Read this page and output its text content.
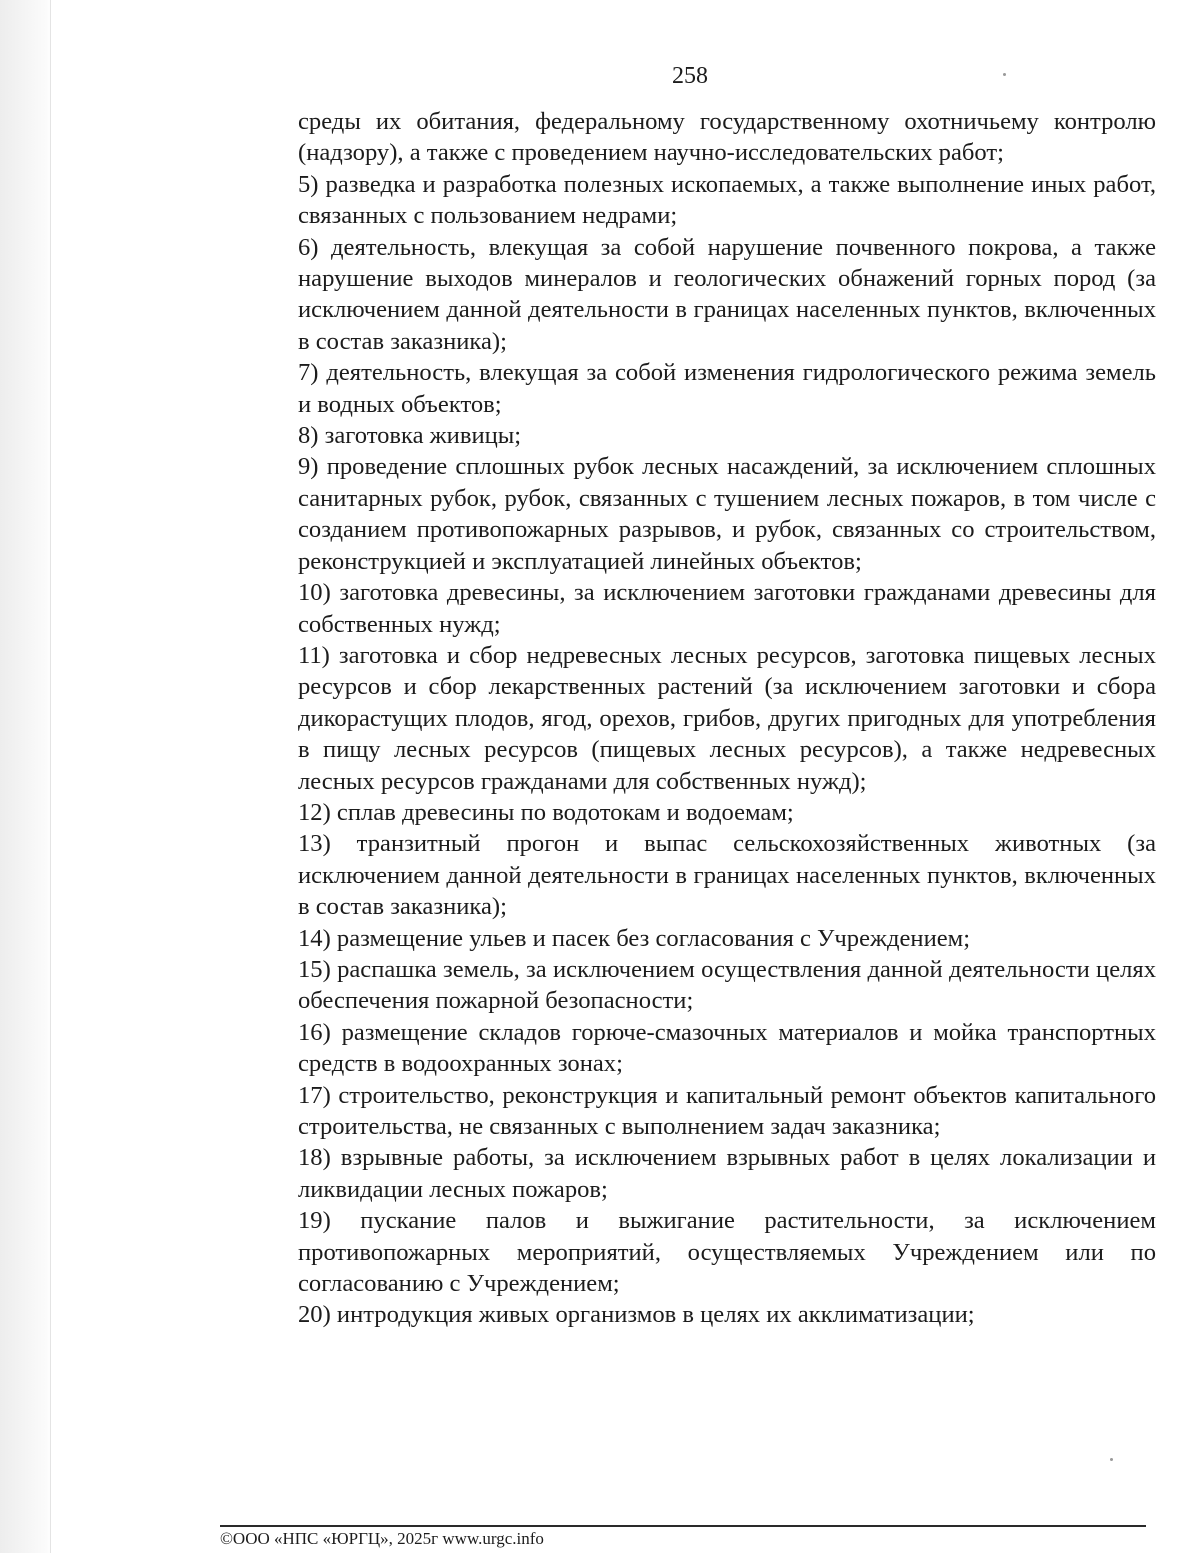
258

среды их обитания, федеральному государственному охотничьему контролю (надзору), а также с проведением научно-исследовательских работ;

5) разведка и разработка полезных ископаемых, а также выполнение иных работ, связанных с пользованием недрами;

6) деятельность, влекущая за собой нарушение почвенного покрова, а также нарушение выходов минералов и геологических обнажений горных пород (за исключением данной деятельности в границах населенных пунктов, включенных в состав заказника);

7) деятельность, влекущая за собой изменения гидрологического режима земель и водных объектов;

8) заготовка живицы;

9) проведение сплошных рубок лесных насаждений, за исключением сплошных санитарных рубок, рубок, связанных с тушением лесных пожаров, в том числе с созданием противопожарных разрывов, и рубок, связанных со строительством, реконструкцией и эксплуатацией линейных объектов;

10) заготовка древесины, за исключением заготовки гражданами древесины для собственных нужд;

11) заготовка и сбор недревесных лесных ресурсов, заготовка пищевых лесных ресурсов и сбор лекарственных растений (за исключением заготовки и сбора дикорастущих плодов, ягод, орехов, грибов, других пригодных для употребления в пищу лесных ресурсов (пищевых лесных ресурсов), а также недревесных лесных ресурсов гражданами для собственных нужд);

12) сплав древесины по водотокам и водоемам;

13) транзитный прогон и выпас сельскохозяйственных животных (за исключением данной деятельности в границах населенных пунктов, включенных в состав заказника);

14) размещение ульев и пасек без согласования с Учреждением;

15) распашка земель, за исключением осуществления данной деятельности целях обеспечения пожарной безопасности;

16) размещение складов горюче-смазочных материалов и мойка транспортных средств в водоохранных зонах;

17) строительство, реконструкция и капитальный ремонт объектов капитального строительства, не связанных с выполнением задач заказника;

18) взрывные работы, за исключением взрывных работ в целях локализации и ликвидации лесных пожаров;

19) пускание палов и выжигание растительности, за исключением противопожарных мероприятий, осуществляемых Учреждением или по согласованию с Учреждением;

20) интродукция живых организмов в целях их акклиматизации;

©ООО «НПС «ЮРГЦ», 2025г www.urgc.info
